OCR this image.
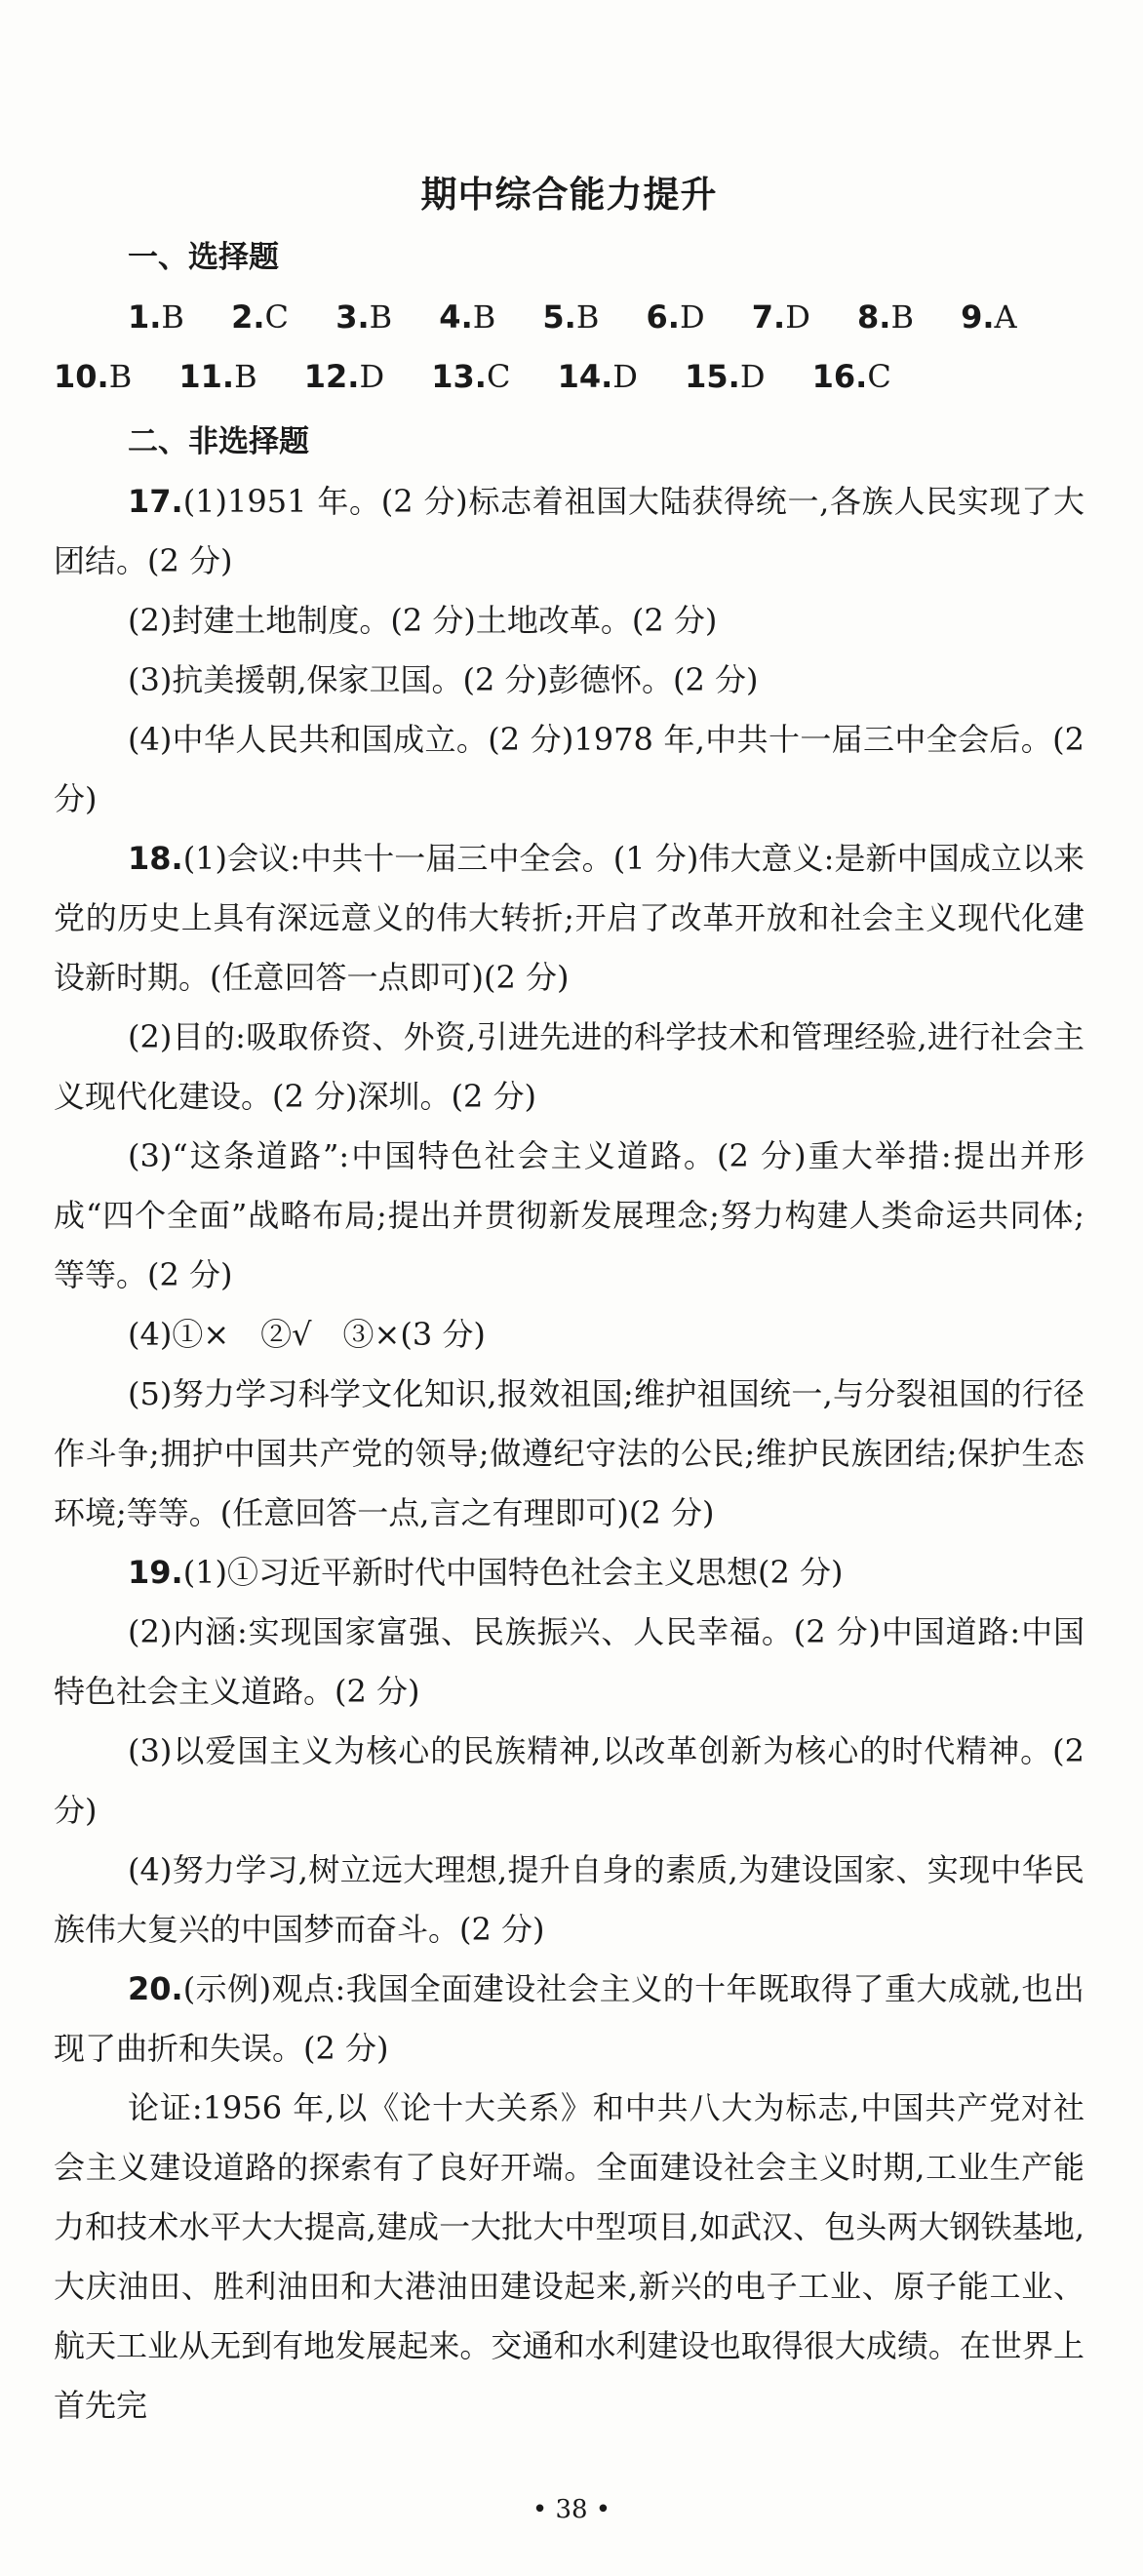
期中综合能力提升
一、选择题
1.B 2.C 3.B 4.B 5.B 6.D 7.D 8.B 9.A
10.B 11.B 12.D 13.C 14.D 15.D 16.C
二、非选择题

17.(1)1951 年。(2 分)标志着祖国大陆获得统一,各族人民实现了大团结。(2 分)

(2)封建土地制度。(2 分)土地改革。(2 分)

(3)抗美援朝,保家卫国。(2 分)彭德怀。(2 分)

(4)中华人民共和国成立。(2 分)1978 年,中共十一届三中全会后。(2 分)

18.(1)会议:中共十一届三中全会。(1 分)伟大意义:是新中国成立以来党的历史上具有深远意义的伟大转折;开启了改革开放和社会主义现代化建设新时期。(任意回答一点即可)(2 分)

(2)目的:吸取侨资、外资,引进先进的科学技术和管理经验,进行社会主义现代化建设。(2 分)深圳。(2 分)

(3)“这条道路”:中国特色社会主义道路。(2 分)重大举措:提出并形成“四个全面”战略布局;提出并贯彻新发展理念;努力构建人类命运共同体;等等。(2 分)

(4)①×　②√　③×(3 分)

(5)努力学习科学文化知识,报效祖国;维护祖国统一,与分裂祖国的行径作斗争;拥护中国共产党的领导;做遵纪守法的公民;维护民族团结;保护生态环境;等等。(任意回答一点,言之有理即可)(2 分)

19.(1)①习近平新时代中国特色社会主义思想(2 分)

(2)内涵:实现国家富强、民族振兴、人民幸福。(2 分)中国道路:中国特色社会主义道路。(2 分)

(3)以爱国主义为核心的民族精神,以改革创新为核心的时代精神。(2 分)

(4)努力学习,树立远大理想,提升自身的素质,为建设国家、实现中华民族伟大复兴的中国梦而奋斗。(2 分)

20.(示例)观点:我国全面建设社会主义的十年既取得了重大成就,也出现了曲折和失误。(2 分)

论证:1956 年,以《论十大关系》和中共八大为标志,中国共产党对社会主义建设道路的探索有了良好开端。全面建设社会主义时期,工业生产能力和技术水平大大提高,建成一大批大中型项目,如武汉、包头两大钢铁基地,大庆油田、胜利油田和大港油田建设起来,新兴的电子工业、原子能工业、航天工业从无到有地发展起来。交通和水利建设也取得很大成绩。在世界上首先完

• 38 •
